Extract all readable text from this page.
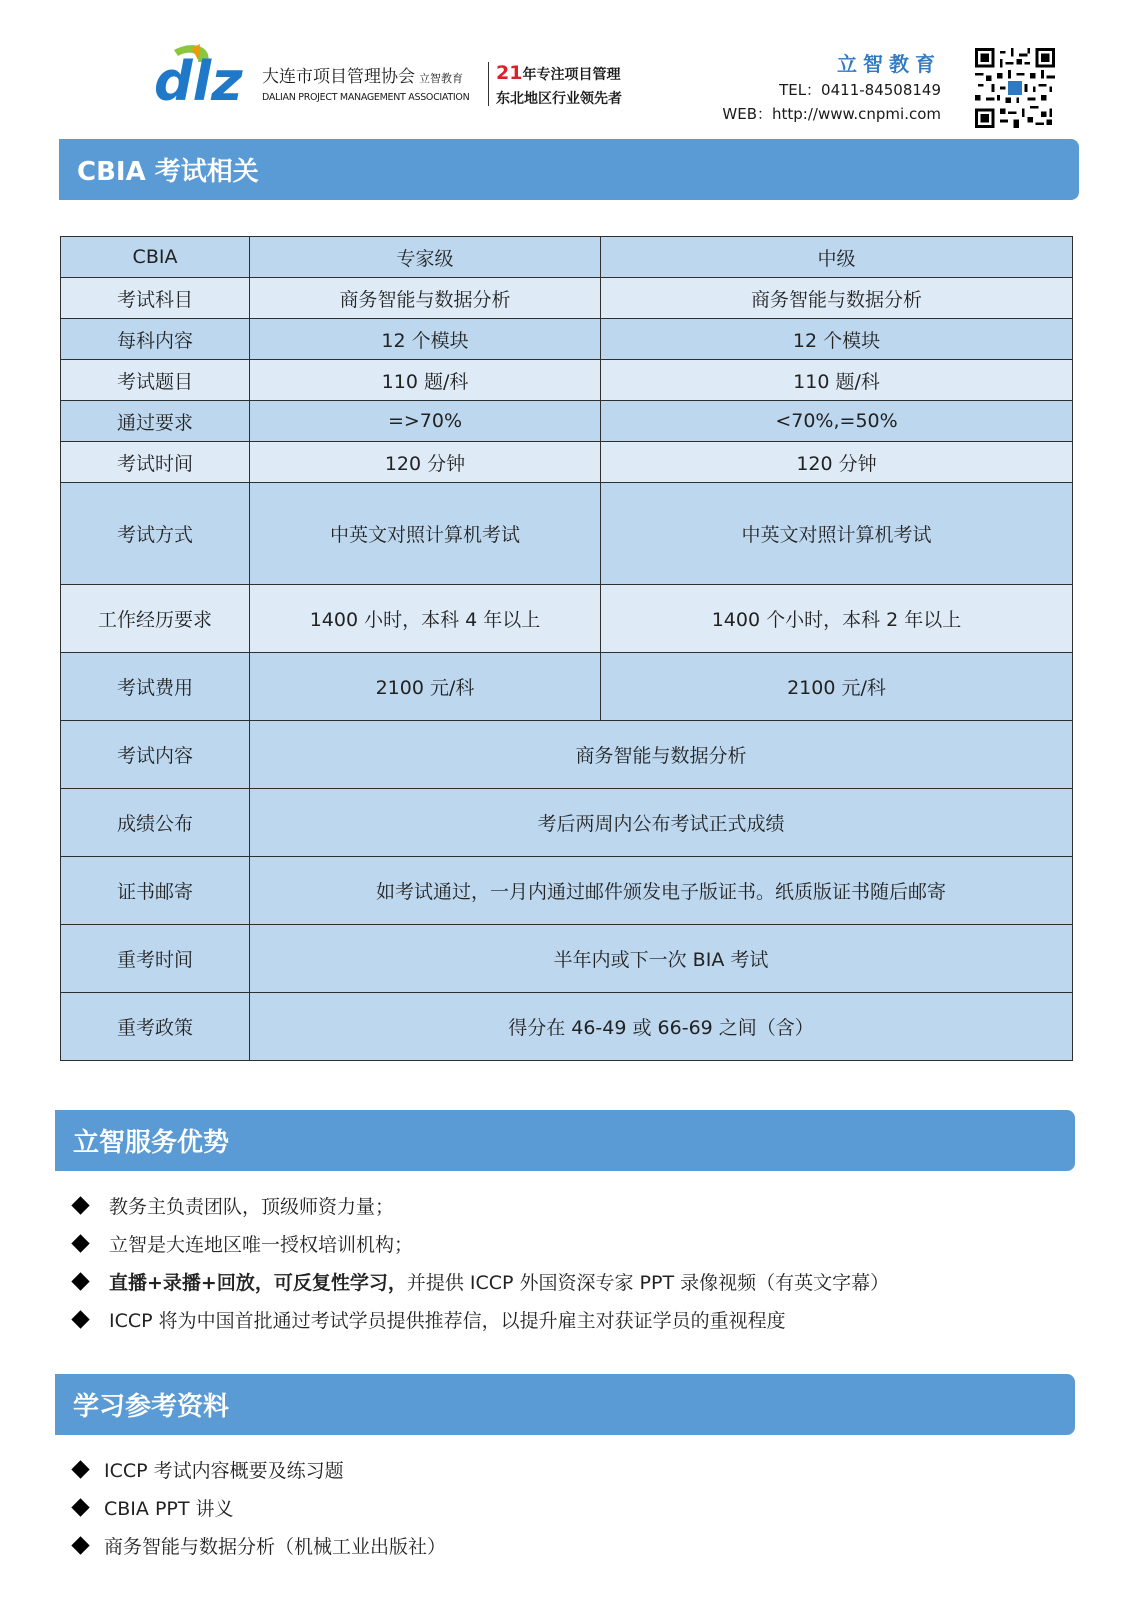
dlz 大连市项目管理协会 立智教育
DALIAN PROJECT MANAGEMENT ASSOCIATION
21年专注项目管理
东北地区行业领先者
立智教育
TEL：0411-84508149
WEB：http://www.cnpmi.com
CBIA 考试相关
CBIA	专家级	中级
考试科目	商务智能与数据分析	商务智能与数据分析
每科内容	12 个模块	12 个模块
考试题目	110 题/科	110 题/科
通过要求	=>70%	<70%,=50%
考试时间	120 分钟	120 分钟
考试方式	中英文对照计算机考试	中英文对照计算机考试
工作经历要求	1400 小时，本科 4 年以上	1400 个小时，本科 2 年以上
考试费用	2100 元/科	2100 元/科
考试内容	商务智能与数据分析	
成绩公布	考后两周内公布考试正式成绩	
证书邮寄	如考试通过，一月内通过邮件颁发电子版证书。纸质版证书随后邮寄	
重考时间	半年内或下一次 BIA 考试	
重考政策	得分在 46-49 或 66-69 之间（含）	
立智服务优势
教务主负责团队，顶级师资力量；
立智是大连地区唯一授权培训机构；
直播+录播+回放，可反复性学习， 并提供 ICCP 外国资深专家 PPT 录像视频（有英文字幕）
ICCP 将为中国首批通过考试学员提供推荐信，以提升雇主对获证学员的重视程度
学习参考资料
ICCP 考试内容概要及练习题
CBIA PPT 讲义
商务智能与数据分析（机械工业出版社）
